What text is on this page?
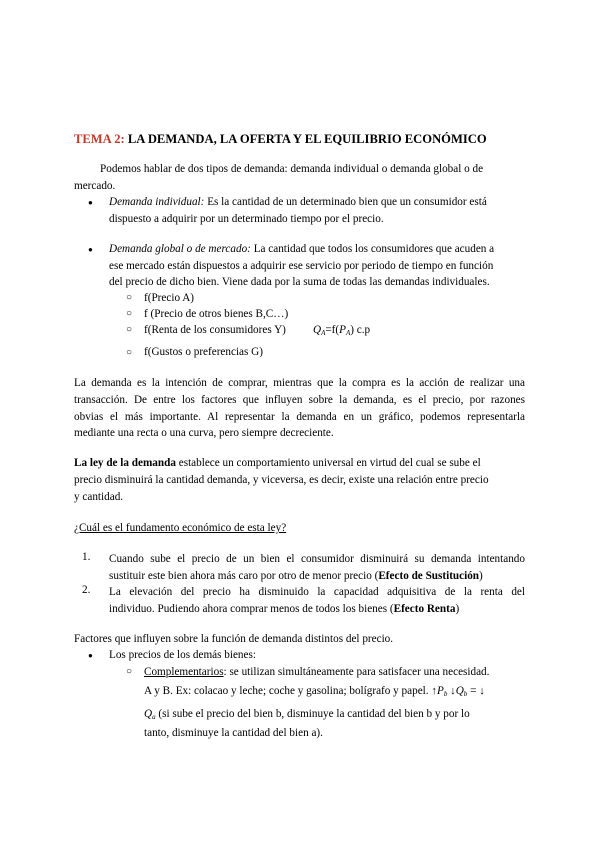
TEMA 2: LA DEMANDA, LA OFERTA Y EL EQUILIBRIO ECONÓMICO
Podemos hablar de dos tipos de demanda: demanda individual o demanda global o de
mercado.
● Demanda individual: Es la cantidad de un determinado bien que un consumidor está
dispuesto a adquirir por un determinado tiempo por el precio.
● Demanda global o de mercado: La cantidad que todos los consumidores que acuden a
ese mercado están dispuestos a adquirir ese servicio por periodo de tiempo en función
del precio de dicho bien. Viene dada por la suma de todas las demandas individuales.
○ f(Precio A)
○ f (Precio de otros bienes B,C…)
○ f(Renta de los consumidores Y) $Q_A=f(P_A)$ c.p
○ f(Gustos o preferencias G)
La demanda es la intención de comprar, mientras que la compra es la acción de realizar una
transacción. De entre los factores que influyen sobre la demanda, es el precio, por razones
obvias el más importante. Al representar la demanda en un gráfico, podemos representarla
mediante una recta o una curva, pero siempre decreciente.
La ley de la demanda establece un comportamiento universal en virtud del cual se sube el
precio disminuirá la cantidad demanda, y viceversa, es decir, existe una relación entre precio
y cantidad.
¿Cuál es el fundamento económico de esta ley?
1. Cuando sube el precio de un bien el consumidor disminuirá su demanda intentando
sustituir este bien ahora más caro por otro de menor precio (Efecto de Sustitución)
2. La elevación del precio ha disminuido la capacidad adquisitiva de la renta del
individuo. Pudiendo ahora comprar menos de todos los bienes (Efecto Renta)
Factores que influyen sobre la función de demanda distintos del precio.
● Los precios de los demás bienes:
○ Complementarios: se utilizan simultáneamente para satisfacer una necesidad.
A y B. Ex: colacao y leche; coche y gasolina; bolígrafo y papel. $↑P_b$ $↓Q_b$ = ↓
$Q_a$ (si sube el precio del bien b, disminuye la cantidad del bien b y por lo
tanto, disminuye la cantidad del bien a).
